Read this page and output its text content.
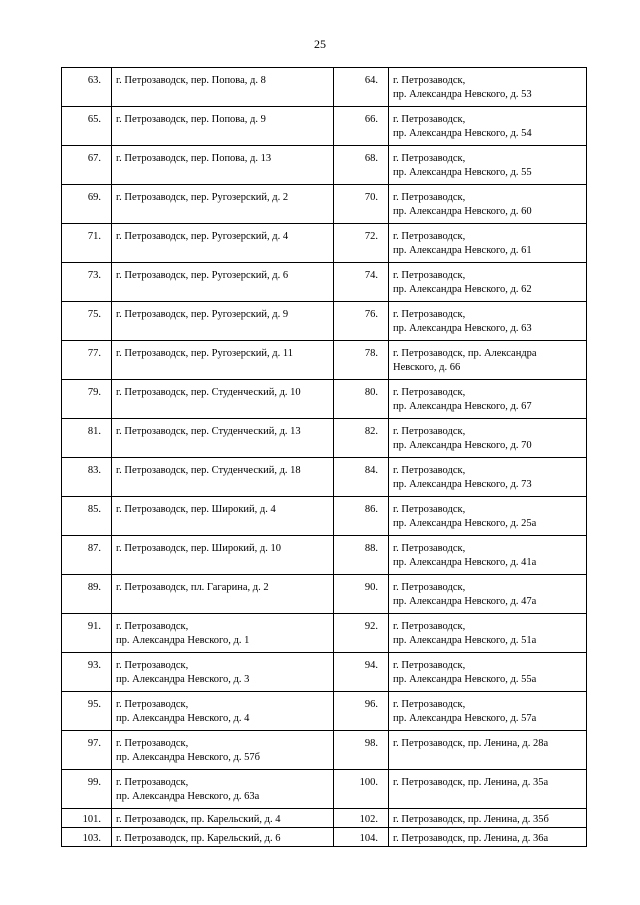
25
63.	г. Петрозаводск, пер. Попова, д. 8	64.	г. Петрозаводск,
пр. Александра Невского, д. 53
65.	г. Петрозаводск, пер. Попова, д. 9	66.	г. Петрозаводск,
пр. Александра Невского, д. 54
67.	г. Петрозаводск, пер. Попова, д. 13	68.	г. Петрозаводск,
пр. Александра Невского, д. 55
69.	г. Петрозаводск, пер. Ругозерский, д. 2	70.	г. Петрозаводск,
пр. Александра Невского, д. 60
71.	г. Петрозаводск, пер. Ругозерский, д. 4	72.	г. Петрозаводск,
пр. Александра Невского, д. 61
73.	г. Петрозаводск, пер. Ругозерский, д. 6	74.	г. Петрозаводск,
пр. Александра Невского, д. 62
75.	г. Петрозаводск, пер. Ругозерский, д. 9	76.	г. Петрозаводск,
пр. Александра Невского, д. 63
77.	г. Петрозаводск, пер. Ругозерский, д. 11	78.	г. Петрозаводск, пр. Александра
Невского, д. 66
79.	г. Петрозаводск, пер. Студенческий, д. 10	80.	г. Петрозаводск,
пр. Александра Невского, д. 67
81.	г. Петрозаводск, пер. Студенческий, д. 13	82.	г. Петрозаводск,
пр. Александра Невского, д. 70
83.	г. Петрозаводск, пер. Студенческий, д. 18	84.	г. Петрозаводск,
пр. Александра Невского, д. 73
85.	г. Петрозаводск, пер. Широкий, д. 4	86.	г. Петрозаводск,
пр. Александра Невского, д. 25а
87.	г. Петрозаводск, пер. Широкий, д. 10	88.	г. Петрозаводск,
пр. Александра Невского, д. 41а
89.	г. Петрозаводск, пл. Гагарина, д. 2	90.	г. Петрозаводск,
пр. Александра Невского, д. 47а
91.	г. Петрозаводск,
пр. Александра Невского, д. 1	92.	г. Петрозаводск,
пр. Александра Невского, д. 51а
93.	г. Петрозаводск,
пр. Александра Невского, д. 3	94.	г. Петрозаводск,
пр. Александра Невского, д. 55а
95.	г. Петрозаводск,
пр. Александра Невского, д. 4	96.	г. Петрозаводск,
пр. Александра Невского, д. 57а
97.	г. Петрозаводск,
пр. Александра Невского, д. 57б	98.	г. Петрозаводск, пр. Ленина, д. 28а
99.	г. Петрозаводск,
пр. Александра Невского, д. 63а	100.	г. Петрозаводск, пр. Ленина, д. 35а
101.	г. Петрозаводск, пр. Карельский, д. 4	102.	г. Петрозаводск, пр. Ленина, д. 35б
103.	г. Петрозаводск, пр. Карельский, д. 6	104.	г. Петрозаводск, пр. Ленина, д. 36а
